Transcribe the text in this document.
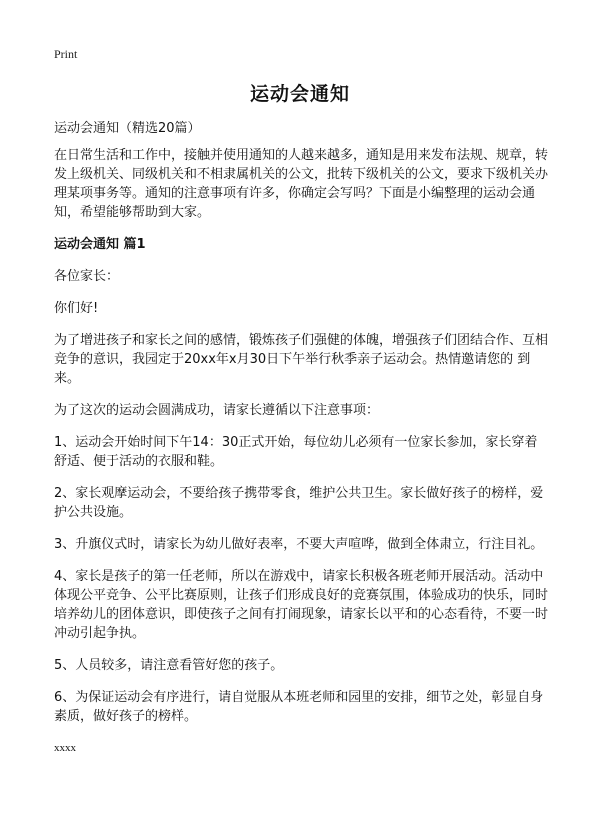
Print
运动会通知

运动会通知（精选20篇）

在日常生活和工作中，接触并使用通知的人越来越多，通知是用来发布法规、规章，转发上级机关、同级机关和不相隶属机关的公文，批转下级机关的公文，要求下级机关办理某项事务等。通知的注意事项有许多，你确定会写吗？下面是小编整理的运动会通知，希望能够帮助到大家。

运动会通知 篇1

各位家长：

你们好!

为了增进孩子和家长之间的感情，锻炼孩子们强健的体魄，增强孩子们团结合作、互相竞争的意识，我园定于20xx年x月30日下午举行秋季亲子运动会。热情邀请您的 到来。

为了这次的运动会圆满成功，请家长遵循以下注意事项：

1、运动会开始时间下午14：30正式开始，每位幼儿必须有一位家长参加，家长穿着舒适、便于活动的衣服和鞋。

2、家长观摩运动会，不要给孩子携带零食，维护公共卫生。家长做好孩子的榜样，爱护公共设施。

3、升旗仪式时，请家长为幼儿做好表率，不要大声喧哗，做到全体肃立，行注目礼。

4、家长是孩子的第一任老师，所以在游戏中，请家长积极各班老师开展活动。活动中体现公平竞争、公平比赛原则，让孩子们形成良好的竞赛氛围，体验成功的快乐，同时培养幼儿的团体意识，即使孩子之间有打闹现象，请家长以平和的心态看待，不要一时冲动引起争执。

5、人员较多，请注意看管好您的孩子。

6、为保证运动会有序进行，请自觉服从本班老师和园里的安排，细节之处，彰显自身素质，做好孩子的榜样。

xxxx
